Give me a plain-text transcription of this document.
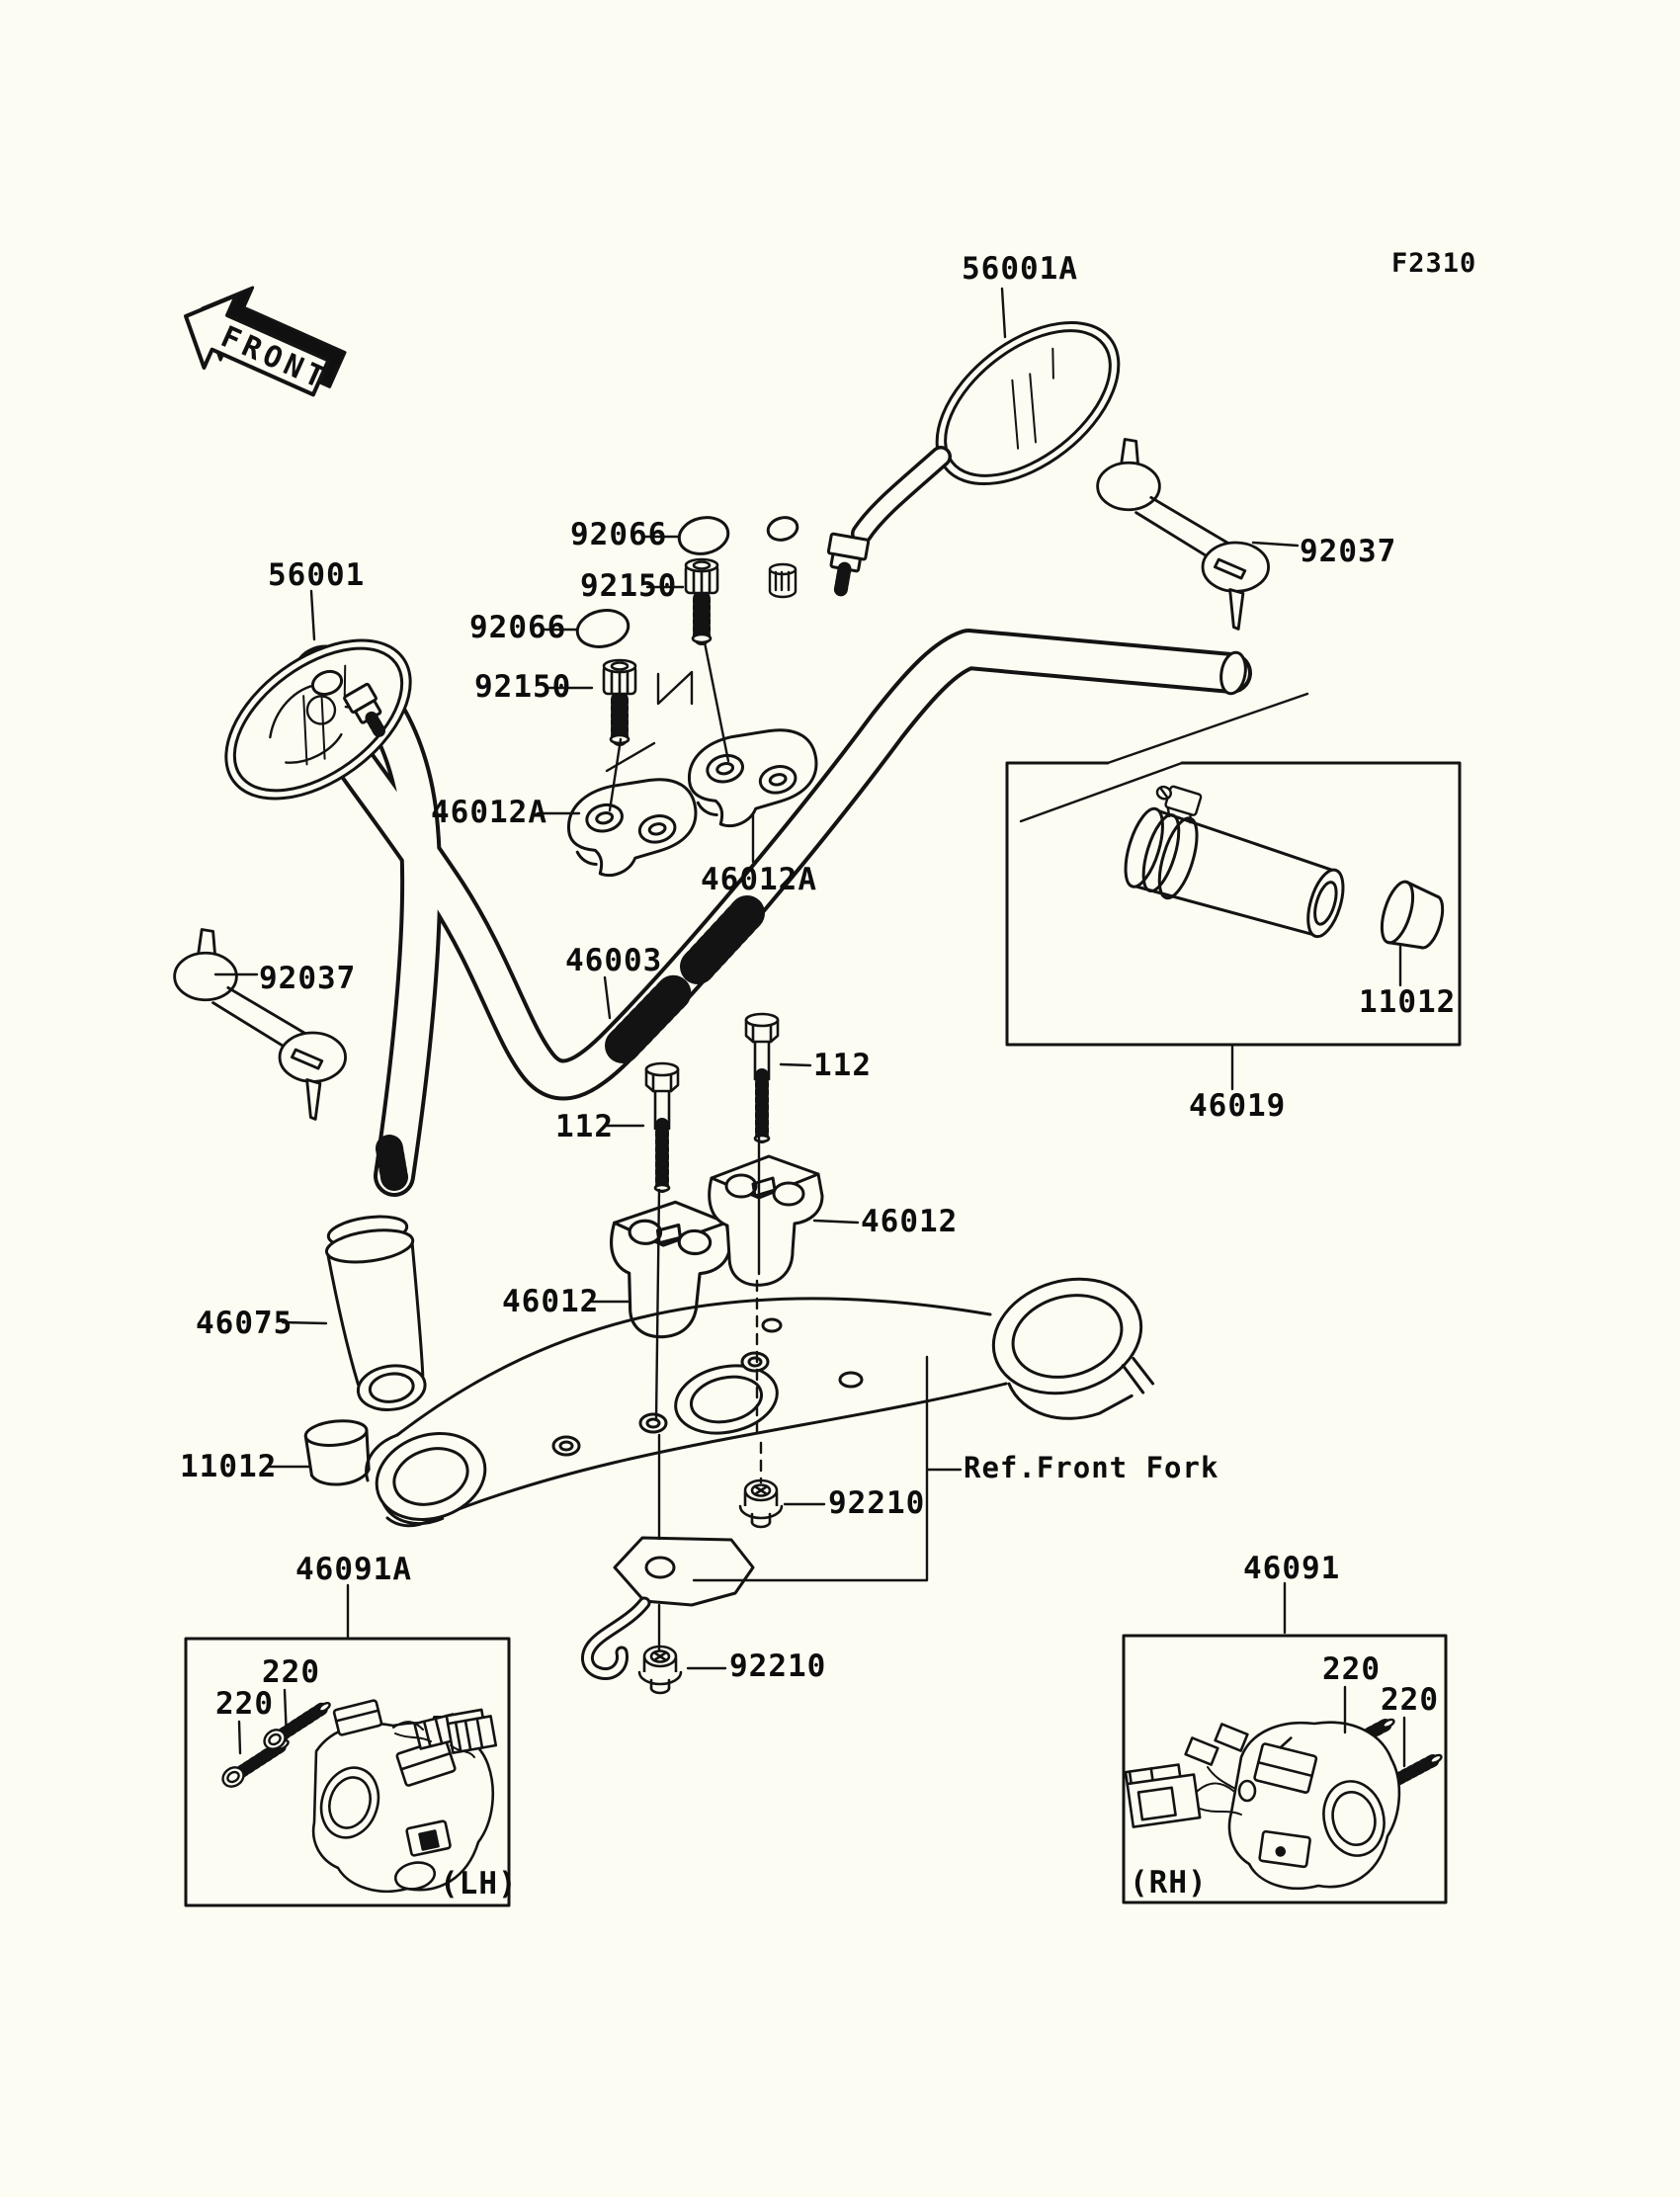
FRONT
F2310
56001A
56001
92066
92150
92066
92150
92037
46012A
46012A
46003
112
112
92037
46012
46012
46075
11012
11012
46019
Ref.Front Fork
92210
92210
46091A	46091
220
220
220
220
(LH)	(RH)
